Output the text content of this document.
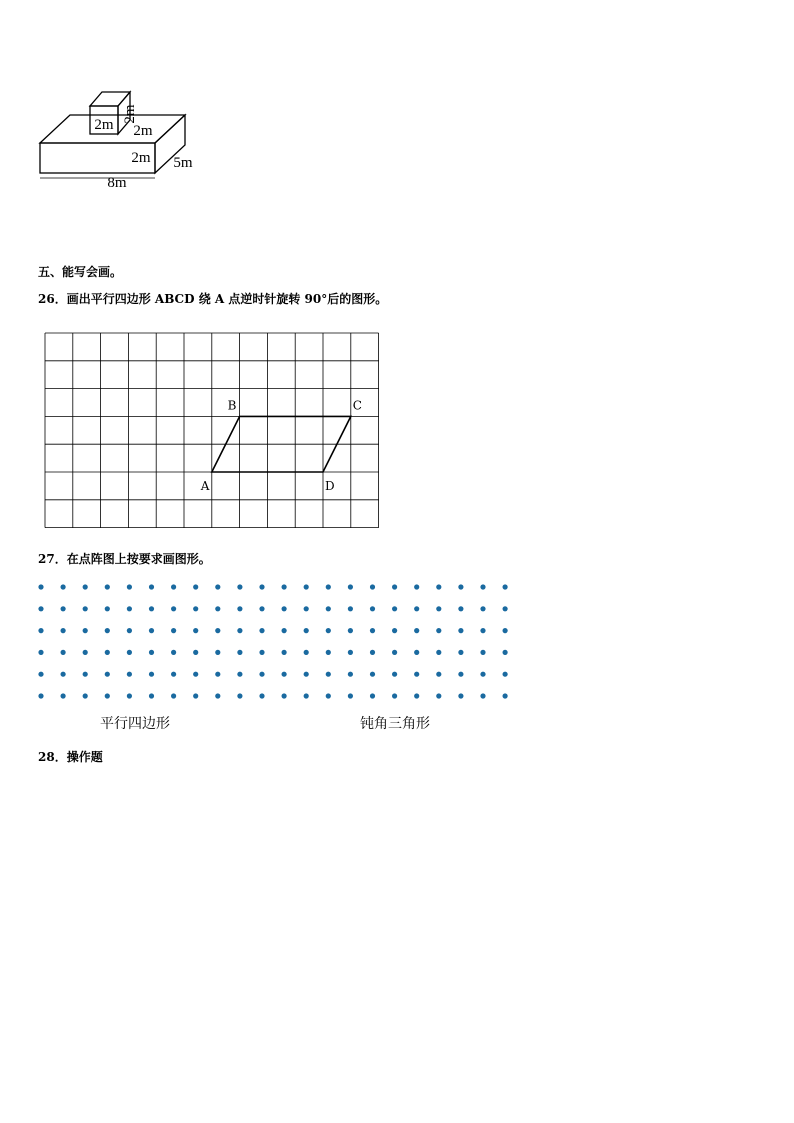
2m
2m 2m
2m 5m
8m
五、能写会画。
26．画出平行四边形 ABCD 绕 A 点逆时针旋转 90°后的图形。
A
B	C
D
27．在点阵图上按要求画图形。
平行四边形	钝角三角形
28．操作题
